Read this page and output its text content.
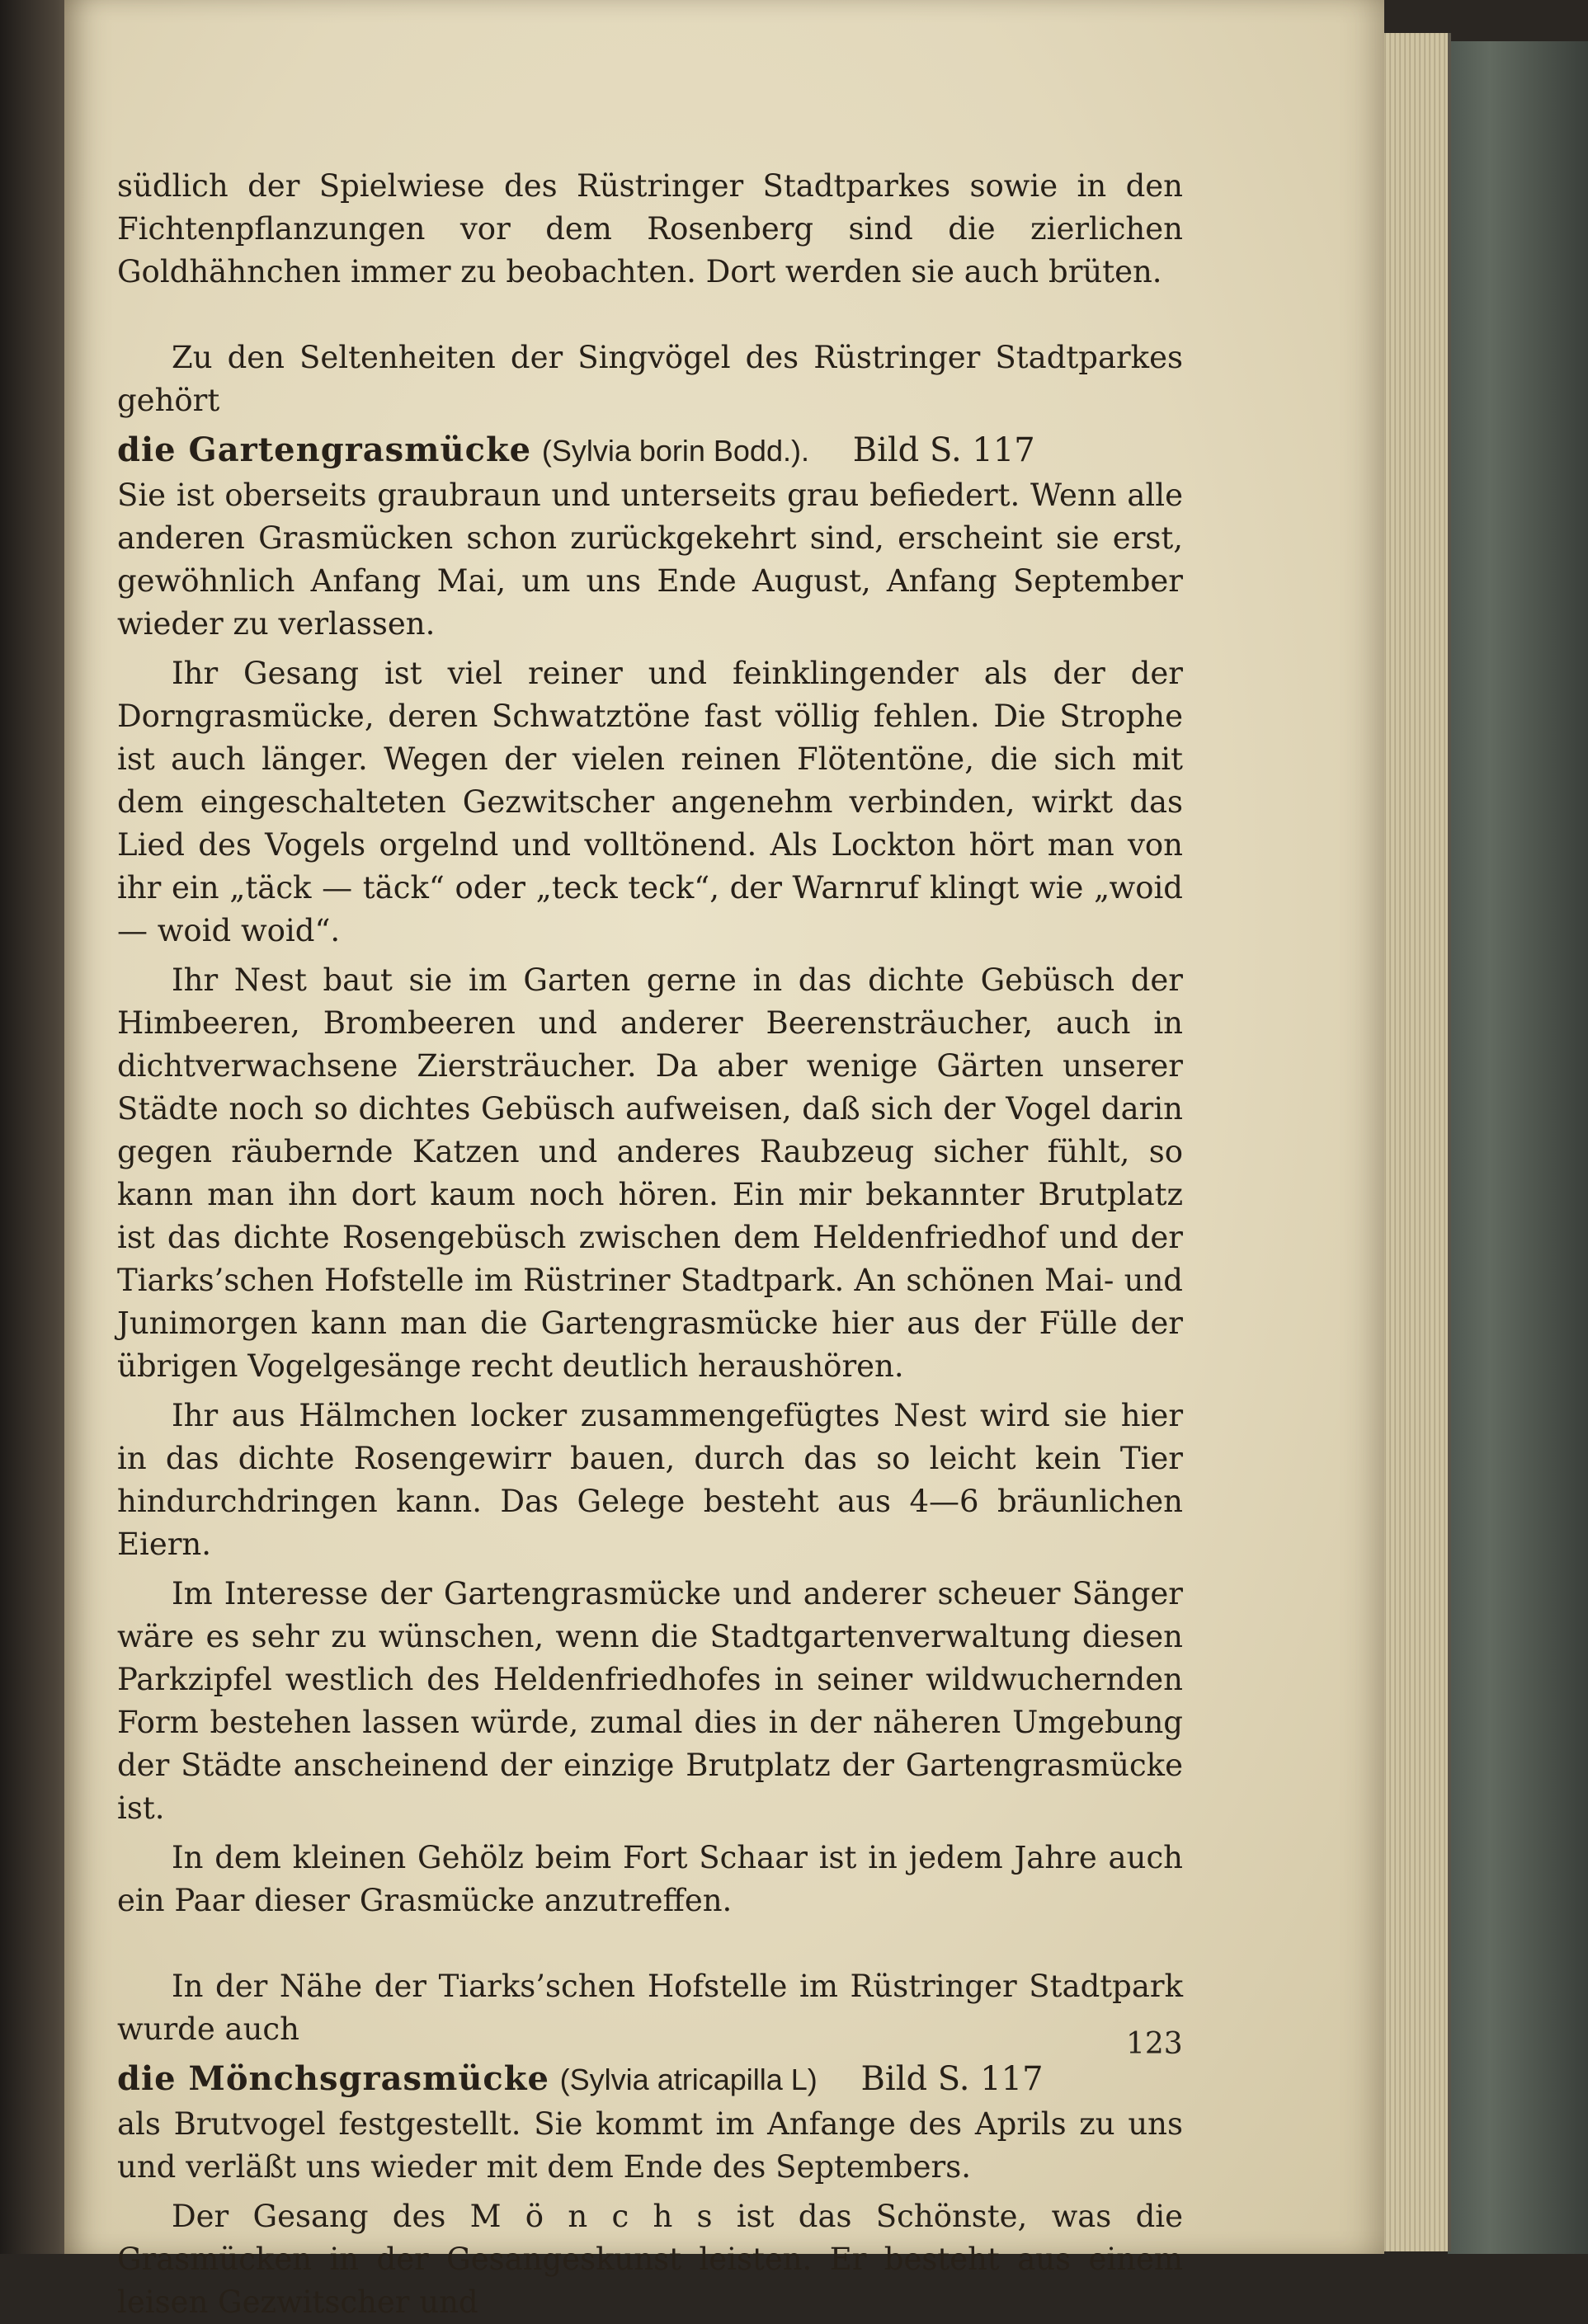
südlich der Spielwiese des Rüstringer Stadtparkes sowie in den Fichtenpflanzungen vor dem Rosenberg sind die zierlichen Goldhähnchen immer zu beobachten. Dort werden sie auch brüten.

Zu den Seltenheiten der Singvögel des Rüstringer Stadtparkes gehört

die Gartengrasmücke (Sylvia borin Bodd.). Bild S. 117

Sie ist oberseits graubraun und unterseits grau befiedert. Wenn alle anderen Grasmücken schon zurückgekehrt sind, erscheint sie erst, gewöhnlich Anfang Mai, um uns Ende August, Anfang September wieder zu verlassen.

Ihr Gesang ist viel reiner und feinklingender als der der Dorngrasmücke, deren Schwatztöne fast völlig fehlen. Die Strophe ist auch länger. Wegen der vielen reinen Flötentöne, die sich mit dem eingeschalteten Gezwitscher angenehm verbinden, wirkt das Lied des Vogels orgelnd und volltönend. Als Lockton hört man von ihr ein „täck — täck“ oder „teck teck“, der Warnruf klingt wie „woid — woid woid“.

Ihr Nest baut sie im Garten gerne in das dichte Gebüsch der Himbeeren, Brombeeren und anderer Beerensträucher, auch in dichtverwachsene Ziersträucher. Da aber wenige Gärten unserer Städte noch so dichtes Gebüsch aufweisen, daß sich der Vogel darin gegen räubernde Katzen und anderes Raubzeug sicher fühlt, so kann man ihn dort kaum noch hören. Ein mir bekannter Brutplatz ist das dichte Rosengebüsch zwischen dem Heldenfriedhof und der Tiarks’schen Hofstelle im Rüstriner Stadtpark. An schönen Mai- und Junimorgen kann man die Gartengrasmücke hier aus der Fülle der übrigen Vogelgesänge recht deutlich heraushören.

Ihr aus Hälmchen locker zusammengefügtes Nest wird sie hier in das dichte Rosengewirr bauen, durch das so leicht kein Tier hindurchdringen kann. Das Gelege besteht aus 4—6 bräunlichen Eiern.

Im Interesse der Gartengrasmücke und anderer scheuer Sänger wäre es sehr zu wünschen, wenn die Stadtgartenverwaltung diesen Parkzipfel westlich des Heldenfriedhofes in seiner wildwuchernden Form bestehen lassen würde, zumal dies in der näheren Umgebung der Städte anscheinend der einzige Brutplatz der Gartengrasmücke ist.

In dem kleinen Gehölz beim Fort Schaar ist in jedem Jahre auch ein Paar dieser Grasmücke anzutreffen.

In der Nähe der Tiarks’schen Hofstelle im Rüstringer Stadtpark wurde auch

die Mönchsgrasmücke (Sylvia atricapilla L) Bild S. 117

als Brutvogel festgestellt. Sie kommt im Anfange des Aprils zu uns und verläßt uns wieder mit dem Ende des Septembers.

Der Gesang des M ö n c h s ist das Schönste, was die Grasmücken in der Gesangeskunst leisten. Er besteht aus einem leisen Gezwitscher und

123
